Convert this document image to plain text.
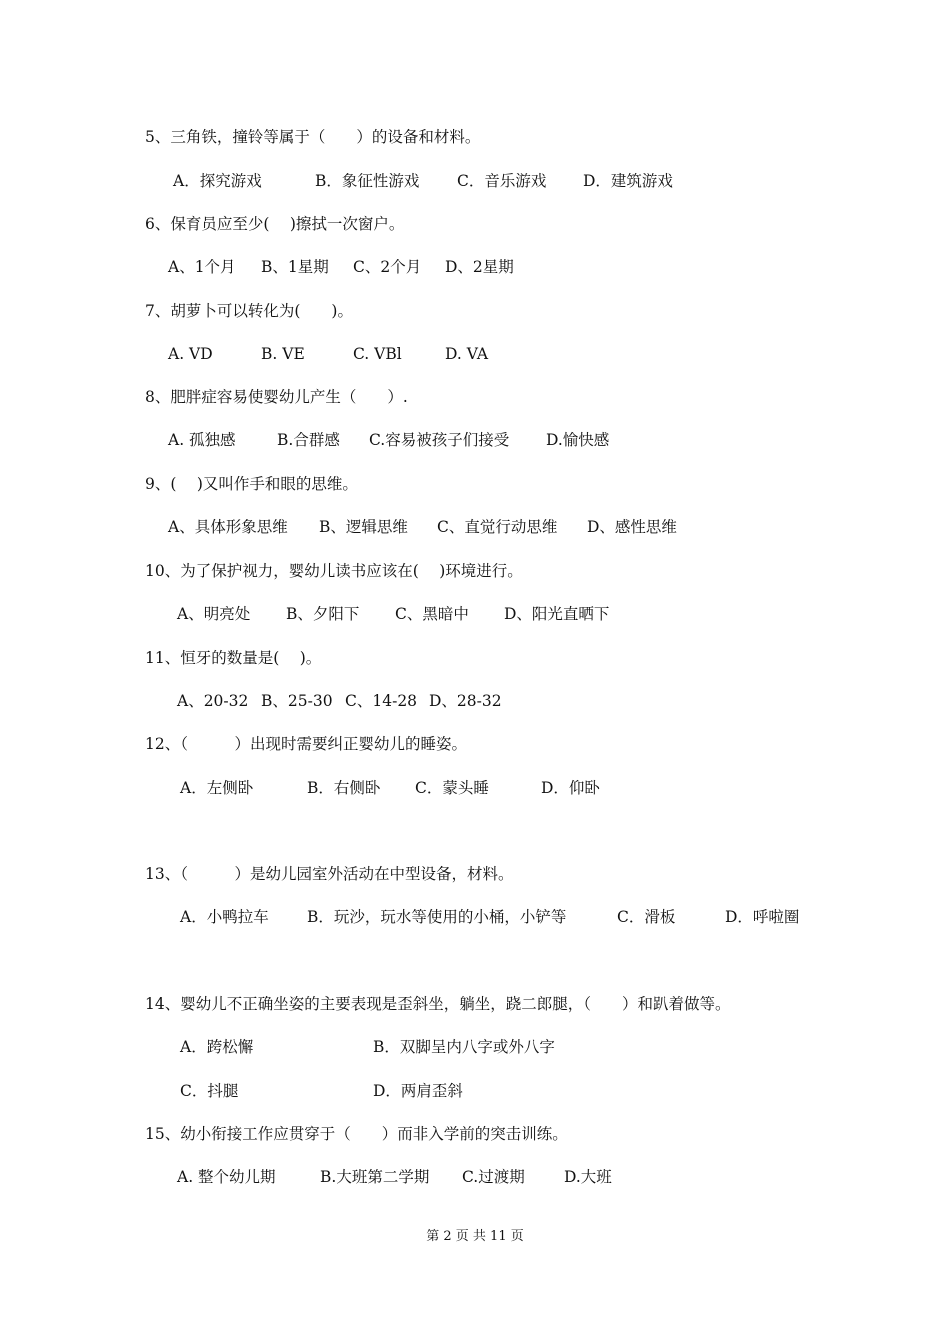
5、三角铁，撞铃等属于（　　）的设备和材料。
A．探究游戏	B．象征性游戏 C．音乐游戏 D．建筑游戏
6、保育员应至少(　 )擦拭一次窗户。
A、1个月 B、1星期 C、2个月 D、2星期
7、胡萝卜可以转化为(　　)。
A. VD	B. VE	C. VBl	D. VA
8、肥胖症容易使婴幼儿产生（　　）.
A. 孤独感	B.合群感 C.容易被孩子们接受 D.愉快感
9、(　 )又叫作手和眼的思维。
A、具体形象思维 B、逻辑思维 C、直觉行动思维 D、感性思维
10、为了保护视力，婴幼儿读书应该在(　 )环境进行。
A、明亮处 B、夕阳下 C、黑暗中 D、阳光直晒下
11、恒牙的数量是(　 )。
A、20-32 B、25-30 C、14-28 D、28-32
12、（　　　）出现时需要纠正婴幼儿的睡姿。
A．左侧卧	B．右侧卧 C．蒙头睡	D．仰卧
13、（　　　）是幼儿园室外活动在中型设备，材料。
A．小鸭拉车 B．玩沙，玩水等使用的小桶，小铲等	C．滑板	D．呼啦圈
14、婴幼儿不正确坐姿的主要表现是歪斜坐，躺坐，跷二郎腿，（　　）和趴着做等。
A．跨松懈	B．双脚呈内八字或外八字
C．抖腿	D．两肩歪斜
15、幼小衔接工作应贯穿于（　　）而非入学前的突击训练。
A. 整个幼儿期	B.大班第二学期 C.过渡期	D.大班
第 2 页 共 11 页
